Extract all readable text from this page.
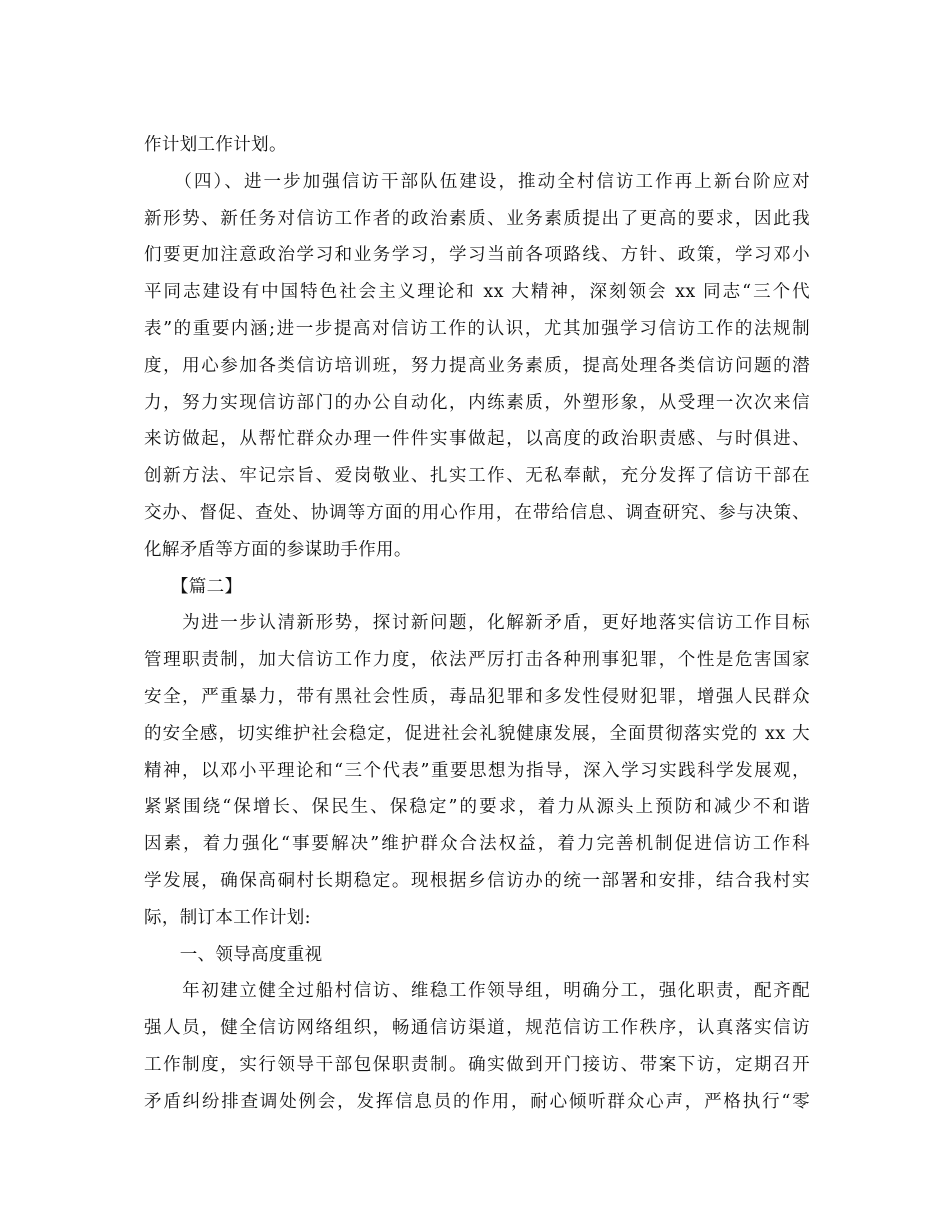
作计划工作计划。
　　（四）、进一步加强信访干部队伍建设，推动全村信访工作再上新台阶应对
新形势、新任务对信访工作者的政治素质、业务素质提出了更高的要求，因此我
们要更加注意政治学习和业务学习，学习当前各项路线、方针、政策，学习邓小
平同志建设有中国特色社会主义理论和 xx 大精神，深刻领会 xx 同志“三个代
表”的重要内涵;进一步提高对信访工作的认识，尤其加强学习信访工作的法规制
度，用心参加各类信访培训班，努力提高业务素质，提高处理各类信访问题的潜
力，努力实现信访部门的办公自动化，内练素质，外塑形象，从受理一次次来信
来访做起，从帮忙群众办理一件件实事做起，以高度的政治职责感、与时俱进、
创新方法、牢记宗旨、爱岗敬业、扎实工作、无私奉献，充分发挥了信访干部在
交办、督促、查处、协调等方面的用心作用，在带给信息、调查研究、参与决策、
化解矛盾等方面的参谋助手作用。
　　【篇二】
　　为进一步认清新形势，探讨新问题，化解新矛盾，更好地落实信访工作目标
管理职责制，加大信访工作力度，依法严厉打击各种刑事犯罪，个性是危害国家
安全，严重暴力，带有黑社会性质，毒品犯罪和多发性侵财犯罪，增强人民群众
的安全感，切实维护社会稳定，促进社会礼貌健康发展，全面贯彻落实党的 xx 大
精神，以邓小平理论和“三个代表”重要思想为指导，深入学习实践科学发展观，
紧紧围绕“保增长、保民生、保稳定”的要求，着力从源头上预防和减少不和谐
因素，着力强化“事要解决”维护群众合法权益，着力完善机制促进信访工作科
学发展，确保高硐村长期稳定。现根据乡信访办的统一部署和安排，结合我村实
际，制订本工作计划:
　　一、领导高度重视
　　年初建立健全过船村信访、维稳工作领导组，明确分工，强化职责，配齐配
强人员，健全信访网络组织，畅通信访渠道，规范信访工作秩序，认真落实信访
工作制度，实行领导干部包保职责制。确实做到开门接访、带案下访，定期召开
矛盾纠纷排查调处例会，发挥信息员的作用，耐心倾听群众心声，严格执行“零
